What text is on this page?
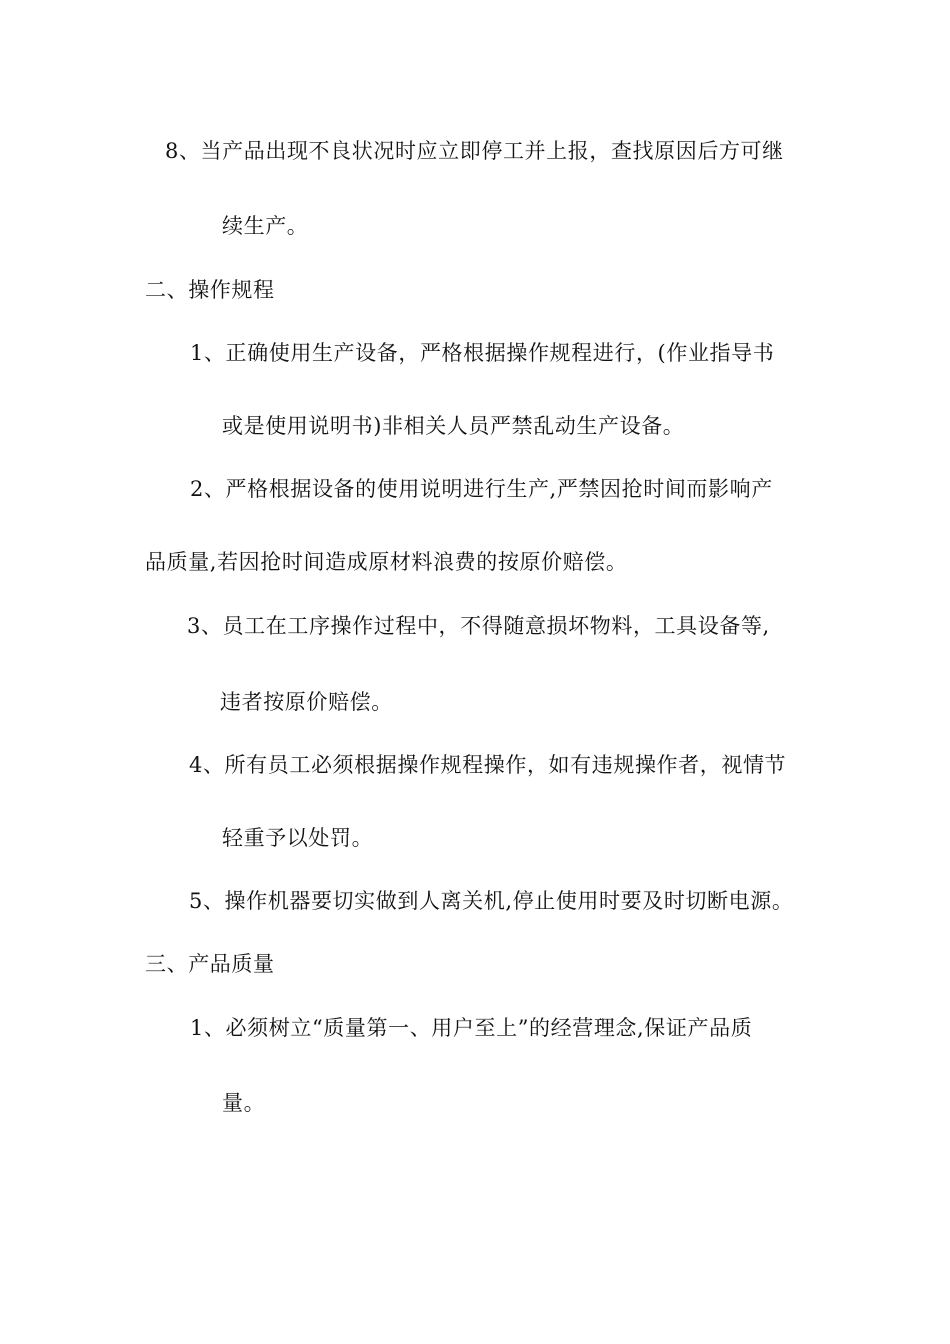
8、当产品出现不良状况时应立即停工并上报，查找原因后方可继
续生产。
二、操作规程
1、正确使用生产设备，严格根据操作规程进行，(作业指导书
或是使用说明书)非相关人员严禁乱动生产设备。
2、严格根据设备的使用说明进行生产,严禁因抢时间而影响产
品质量,若因抢时间造成原材料浪费的按原价赔偿。
3、员工在工序操作过程中，不得随意损坏物料，工具设备等,
违者按原价赔偿。
4、所有员工必须根据操作规程操作，如有违规操作者，视情节
轻重予以处罚。
5、操作机器要切实做到人离关机,停止使用时要及时切断电源。
三、产品质量
1、必须树立“质量第一、用户至上”的经营理念,保证产品质
量。
